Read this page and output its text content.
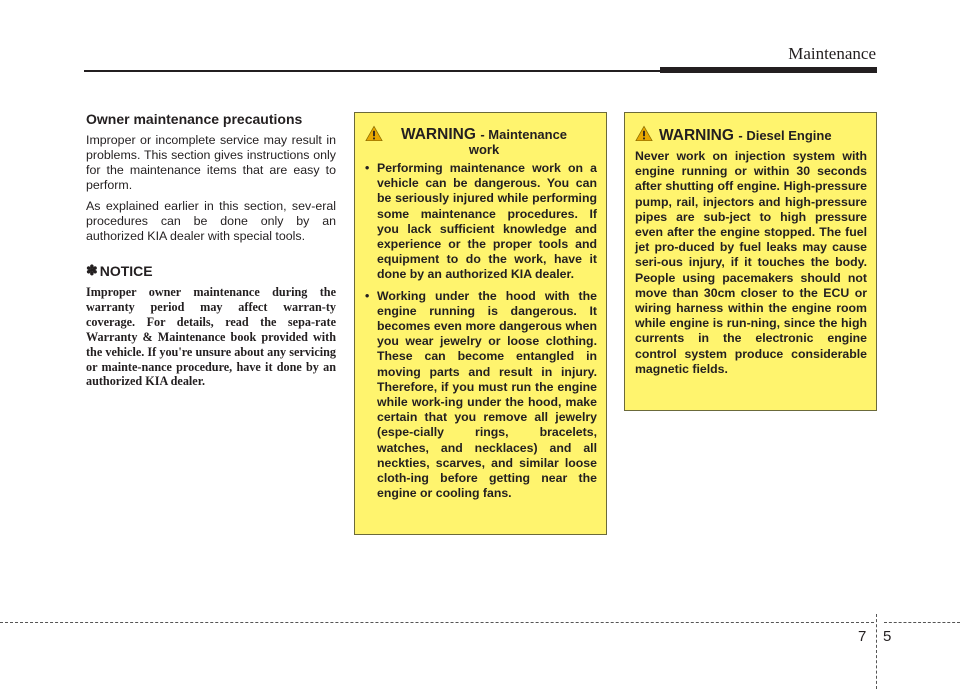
Maintenance

Owner maintenance precautions

Improper or incomplete service may result in problems. This section gives instructions only for the maintenance items that are easy to perform.

As explained earlier in this section, sev-eral procedures can be done only by an authorized KIA dealer with special tools.

✽ NOTICE

Improper owner maintenance during the warranty period may affect warran-ty coverage. For details, read the sepa-rate Warranty & Maintenance book provided with the vehicle. If you're unsure about any servicing or mainte-nance procedure, have it done by an authorized KIA dealer.

WARNING - Maintenance
work
• Performing maintenance work on a vehicle can be dangerous. You can be seriously injured while performing some maintenance procedures. If you lack sufficient knowledge and experience or the proper tools and equipment to do the work, have it done by an authorized KIA dealer.
• Working under the hood with the engine running is dangerous. It becomes even more dangerous when you wear jewelry or loose clothing. These can become entangled in moving parts and result in injury. Therefore, if you must run the engine while work-ing under the hood, make certain that you remove all jewelry (espe-cially rings, bracelets, watches, and necklaces) and all neckties, scarves, and similar loose cloth-ing before getting near the engine or cooling fans.
WARNING - Diesel Engine

Never work on injection system with engine running or within 30 seconds after shutting off engine. High-pressure pump, rail, injectors and high-pressure pipes are sub-ject to high pressure even after the engine stopped. The fuel jet pro-duced by fuel leaks may cause seri-ous injury, if it touches the body. People using pacemakers should not move than 30cm closer to the ECU or wiring harness within the engine room while engine is run-ning, since the high currents in the electronic engine control system produce considerable magnetic fields.

7 5
